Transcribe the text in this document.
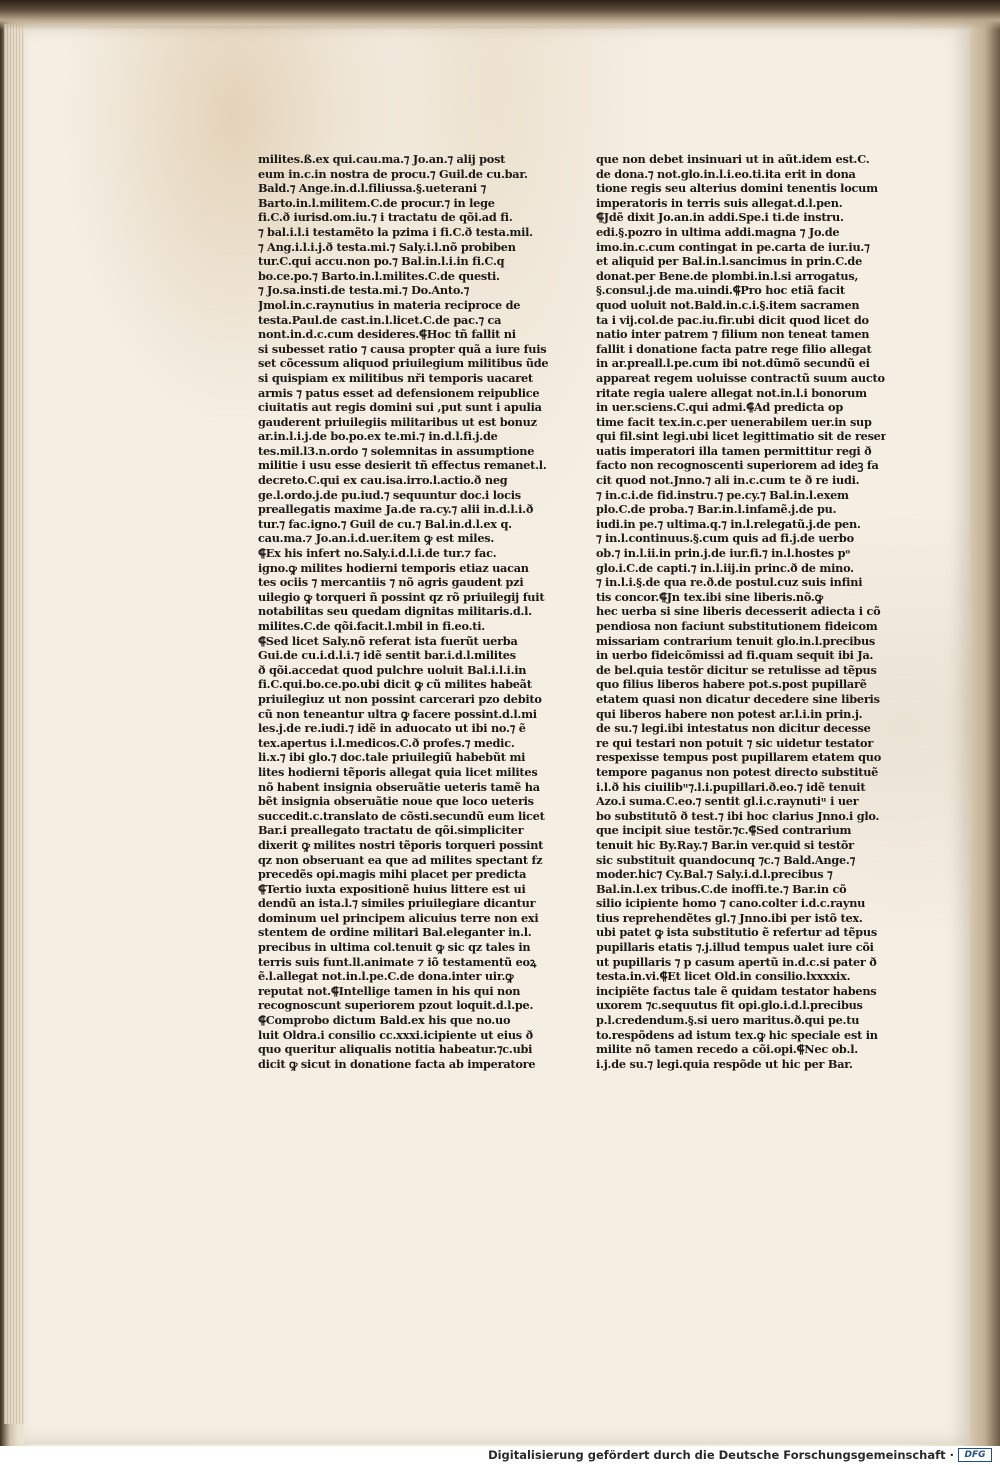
milites.ß.ex qui.cau.ma.⁊ Jo.an.⁊ alij post
eum in.c.in nostra de procu.⁊ Guil.de cu.bar.
Bald.⁊ Ange.in.d.l.filiussa.§.ueterani ⁊
Barto.in.l.militem.C.de procur.⁊ in lege
fi.C.ð iurisd.om.iu.⁊ i tractatu de qõi.ad fi.
⁊ bal.i.l.i testamẽto la pzima i fi.C.ð testa.mil.
⁊ Ang.i.l.i.j.ð testa.mi.⁊ Saly.i.l.nõ probiben
tur.C.qui accu.non po.⁊ Bal.in.l.i.in fi.C.q
bo.ce.po.⁊ Barto.in.l.milites.C.de questi.
⁊ Jo.sa.insti.de testa.mi.⁊ Do.Anto.⁊
Jmol.in.c.raynutius in materia reciproce de
testa.Paul.de cast.in.l.licet.C.de pac.⁊ ca
nont.in.d.c.cum desideres.⸿Hoc tñ fallit ni
si subesset ratio ⁊ causa propter quã a iure fuis
set cõcessum aliquod priuilegium militibus ũde
si quispiam ex militibus nři temporis uacaret
armis ⁊ patus esset ad defensionem reipublice
ciuitatis aut regis domini sui ,put sunt i apulia
gauderent priuilegiis militaribus ut est bonuz
ar.in.l.i.j.de bo.po.ex te.mi.⁊ in.d.l.fi.j.de
tes.mil.l3.n.ordo ⁊ solemnitas in assumptione
militie i usu esse desierit tñ effectus remanet.l.
decreto.C.qui ex cau.isa.irro.l.actio.ð neg
ge.l.ordo.j.de pu.iud.⁊ sequuntur doc.i locis
preallegatis maxime Ja.de ra.cy.⁊ alii in.d.l.i.ð
tur.⁊ fac.igno.⁊ Guil de cu.⁊ Bal.in.d.l.ex q.
cau.ma.⁊ Jo.an.i.d.uer.item ꝙ est miles.
⸿Ex his infert no.Saly.i.d.l.i.de tur.⁊ fac.
igno.ꝙ milites hodierni temporis etiaz uacan
tes ociis ⁊ mercantiis ⁊ nõ agris gaudent pzi
uilegio ꝙ torqueri ñ possint qz rõ priuilegij fuit
notabilitas seu quedam dignitas militaris.d.l.
milites.C.de qõi.facit.l.mbil in fi.eo.ti.
⸿Sed licet Saly.nõ referat ista fuerũt uerba
Gui.de cu.i.d.l.i.⁊ idẽ sentit bar.i.d.l.milites
ð qõi.accedat quod pulchre uoluit Bal.i.l.i.in
fi.C.qui.bo.ce.po.ubi dicit ꝙ cũ milites habeãt
priuilegiuz ut non possint carcerari pzo debito
cũ non teneantur ultra ꝙ facere possint.d.l.mi
les.j.de re.iudi.⁊ idẽ in aduocato ut ibi no.⁊ ẽ
tex.apertus i.l.medicos.C.ð profes.⁊ medic.
li.x.⁊ ibi glo.⁊ doc.tale priuilegiũ habebũt mi
lites hodierni tẽporis allegat quia licet milites
nõ habent insignia obseruãtie ueteris tamẽ ha
bẽt insignia obseruãtie noue que loco ueteris
succedit.c.translato de cõsti.secundũ eum licet
Bar.i preallegato tractatu de qõi.simpliciter
dixerit ꝙ milites nostri tẽporis torqueri possint
qz non obseruant ea que ad milites spectant fz
precedẽs opi.magis mihi placet per predicta
⸿Tertio iuxta expositionẽ huius littere est ui
dendũ an ista.l.⁊ similes priuilegiare dicantur
dominum uel principem alicuius terre non exi
stentem de ordine militari Bal.eleganter in.l.
precibus in ultima col.tenuit ꝙ sic qz tales in
terris suis funt.ll.animate ⁊ iõ testamentũ eoꝝ
ẽ.l.allegat not.in.l.pe.C.de dona.inter uir.ꝙ
reputat not.⸿Intellige tamen in his qui non
recognoscunt superiorem pzout loquit.d.l.pe.
⸿Comprobo dictum Bald.ex his que no.uo
luit Oldra.i consilio cc.xxxi.icipiente ut eius ð
quo queritur aliqualis notitia habeatur.⁊c.ubi
dicit ꝙ sicut in donatione facta ab imperatore
que non debet insinuari ut in aũt.idem est.C.
de dona.⁊ not.glo.in.l.i.eo.ti.ita erit in dona
tione regis seu alterius domini tenentis locum
imperatoris in terris suis allegat.d.l.pen.
⸿Jdẽ dixit Jo.an.in addi.Spe.i ti.de instru.
edi.§.pozro in ultima addi.magna ⁊ Jo.de
imo.in.c.cum contingat in pe.carta de iur.iu.⁊
et aliquid per Bal.in.l.sancimus in prin.C.de
donat.per Bene.de plombi.in.l.si arrogatus,
§.consul.j.de ma.uindi.⸿Pro hoc etiã facit
quod uoluit not.Bald.in.c.i.§.item sacramen
ta i vij.col.de pac.iu.fir.ubi dicit quod licet do
natio inter patrem ⁊ filium non teneat tamen
fallit i donatione facta patre rege filio allegat
in ar.preall.l.pe.cum ibi not.dũmõ secundũ ei
appareat regem uoluisse contractũ suum aucto
ritate regia ualere allegat not.in.l.i bonorum
in uer.sciens.C.qui admi.⸿Ad predicta op
time facit tex.in.c.per uenerabilem uer.in sup
qui fil.sint legi.ubi licet legittimatio sit de reser
uatis imperatori illa tamen permittitur regi ð
facto non recognoscenti superiorem ad ideꝫ fa
cit quod not.Jnno.⁊ ali in.c.cum te ð re iudi.
⁊ in.c.i.de fid.instru.⁊ pe.cy.⁊ Bal.in.l.exem
plo.C.de proba.⁊ Bar.in.l.infamẽ.j.de pu.
iudi.in pe.⁊ ultima.q.⁊ in.l.relegatũ.j.de pen.
⁊ in.l.continuus.§.cum quis ad fi.j.de uerbo
ob.⁊ in.l.ii.in prin.j.de iur.fi.⁊ in.l.hostes pᵒ
glo.i.C.de capti.⁊ in.l.iij.in princ.ð de mino.
⁊ in.l.i.§.de qua re.ð.de postul.cuz suis infini
tis concor.⸿Jn tex.ibi sine liberis.nõ.ꝙ
hec uerba si sine liberis decesserit adiecta i cõ
pendiosa non faciunt substitutionem fideicom
missariam contrarium tenuit glo.in.l.precibus
in uerbo fideicõmissi ad fi.quam sequit ibi Ja.
de bel.quia testõr dicitur se retulisse ad tẽpus
quo filius liberos habere pot.s.post pupillarẽ
etatem quasi non dicatur decedere sine liberis
qui liberos habere non potest ar.l.i.in prin.j.
de su.⁊ legi.ibi intestatus non dicitur decesse
re qui testari non potuit ⁊ sic uidetur testator
respexisse tempus post pupillarem etatem quo
tempore paganus non potest directo substituẽ
i.l.ð his ciuilibᵘ⁊.l.i.pupillari.ð.eo.⁊ idẽ tenuit
Azo.i suma.C.eo.⁊ sentit gl.i.c.raynutiᵘ i uer
bo substitutõ ð test.⁊ ibi hoc clarius Jnno.i glo.
que incipit siue testõr.⁊c.⸿Sed contrarium
tenuit hic By.Ray.⁊ Bar.in ver.quid si testõr
sic substituit quandocunq ⁊c.⁊ Bald.Ange.⁊
moder.hic⁊ Cy.Bal.⁊ Saly.i.d.l.precibus ⁊
Bal.in.l.ex tribus.C.de inoffi.te.⁊ Bar.in cõ
silio icipiente homo ⁊ cano.colter i.d.c.raynu
tius reprehendẽtes gl.⁊ Jnno.ibi per istõ tex.
ubi patet ꝙ ista substitutio ẽ refertur ad tẽpus
pupillaris etatis ⁊.j.illud tempus ualet iure cõi
ut pupillaris ⁊ p casum apertũ in.d.c.si pater ð
testa.in.vi.⸿Et licet Old.in consilio.lxxxxix.
incipiẽte factus tale ẽ quidam testator habens
uxorem ⁊c.sequutus fit opi.glo.i.d.l.precibus
p.l.credendum.§.si uero maritus.ð.qui pe.tu
to.respõdens ad istum tex.ꝙ hic speciale est in
milite nõ tamen recedo a cõi.opi.⸿Nec ob.l.
i.j.de su.⁊ legi.quia respõde ut hic per Bar.
Digitalisierung gefördert durch die Deutsche Forschungsgemeinschaft ·	DFG
